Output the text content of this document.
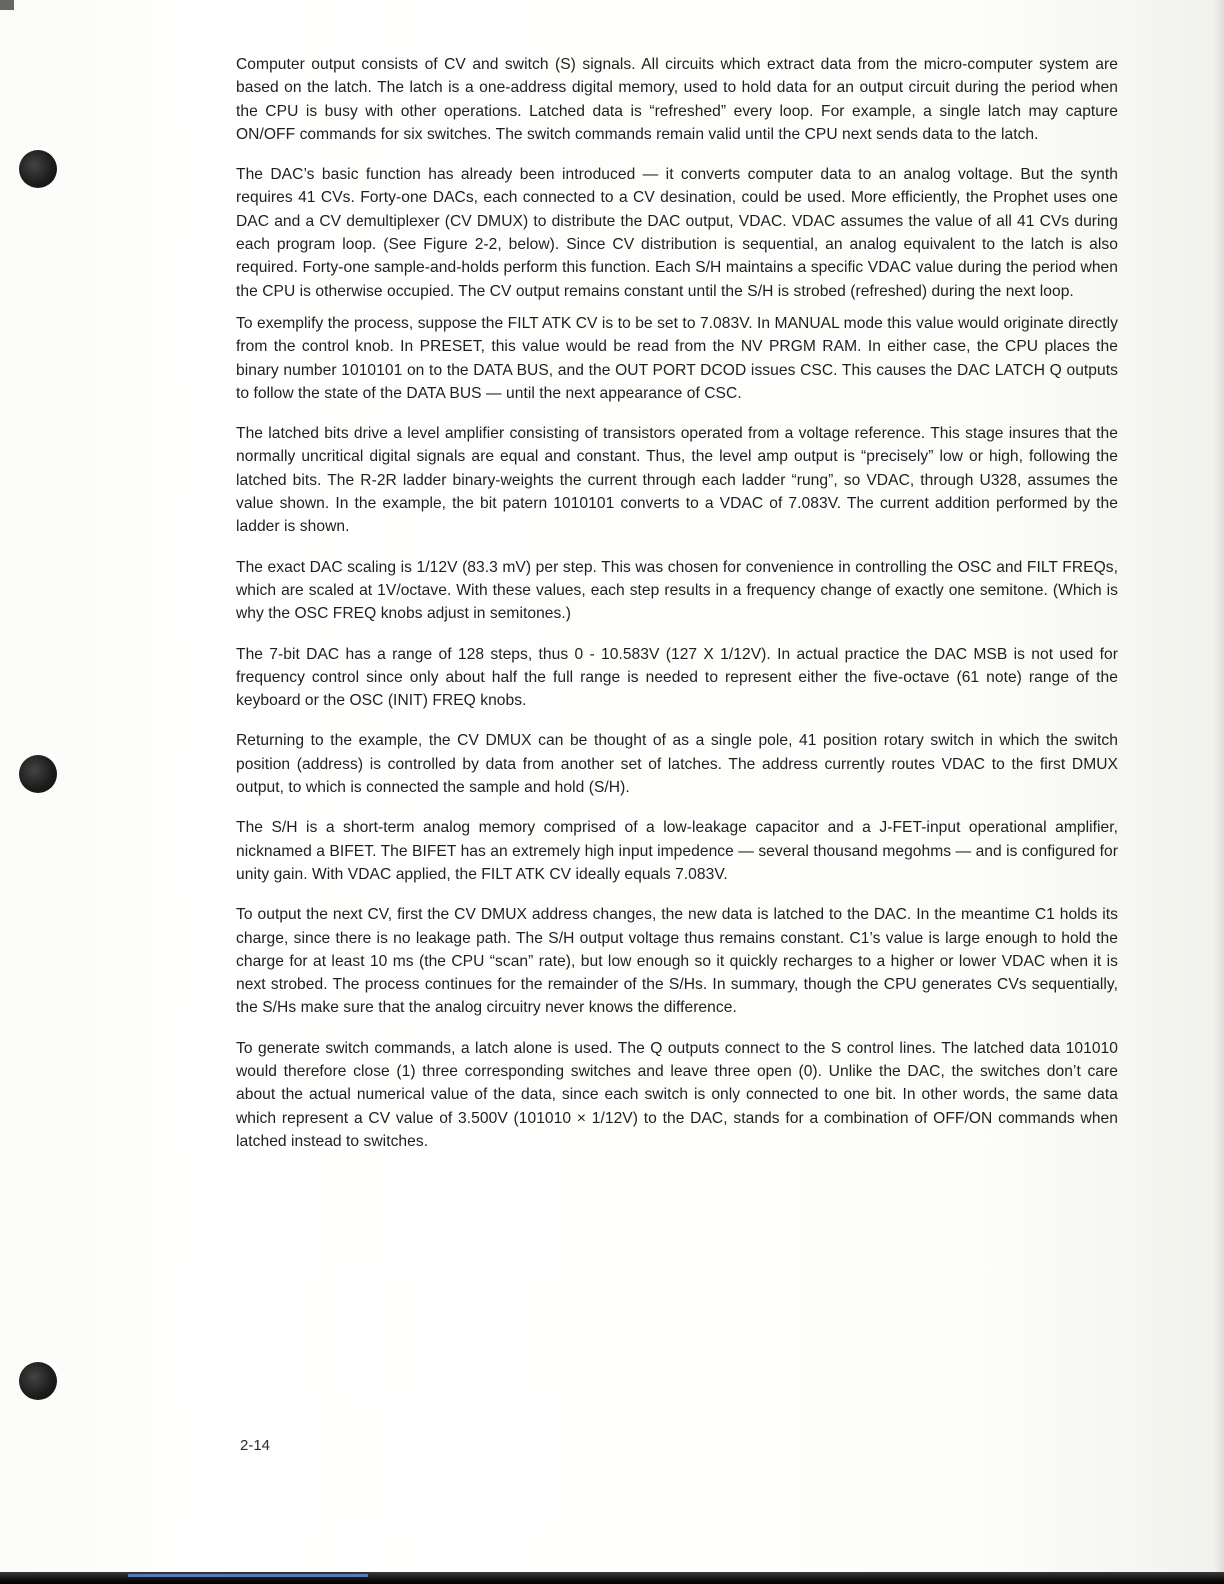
Computer output consists of CV and switch (S) signals. All circuits which extract data from the micro-computer system are based on the latch. The latch is a one-address digital memory, used to hold data for an output circuit during the period when the CPU is busy with other operations. Latched data is “refreshed” every loop. For example, a single latch may capture ON/OFF commands for six switches. The switch commands remain valid until the CPU next sends data to the latch.

The DAC’s basic function has already been introduced — it converts computer data to an analog voltage. But the synth requires 41 CVs. Forty-one DACs, each connected to a CV desination, could be used. More efficiently, the Prophet uses one DAC and a CV demultiplexer (CV DMUX) to distribute the DAC output, VDAC. VDAC assumes the value of all 41 CVs during each program loop. (See Figure 2-2, below). Since CV distribution is sequential, an analog equivalent to the latch is also required. Forty-one sample-and-holds perform this function. Each S/H maintains a specific VDAC value during the period when the CPU is otherwise occupied. The CV output remains constant until the S/H is strobed (refreshed) during the next loop.

To exemplify the process, suppose the FILT ATK CV is to be set to 7.083V. In MANUAL mode this value would originate directly from the control knob. In PRESET, this value would be read from the NV PRGM RAM. In either case, the CPU places the binary number 1010101 on to the DATA BUS, and the OUT PORT DCOD issues CSC. This causes the DAC LATCH Q outputs to follow the state of the DATA BUS — until the next appearance of CSC.

The latched bits drive a level amplifier consisting of transistors operated from a voltage reference. This stage insures that the normally uncritical digital signals are equal and constant. Thus, the level amp output is “precisely” low or high, following the latched bits. The R-2R ladder binary-weights the current through each ladder “rung”, so VDAC, through U328, assumes the value shown. In the example, the bit patern 1010101 converts to a VDAC of 7.083V. The current addition performed by the ladder is shown.

The exact DAC scaling is 1/12V (83.3 mV) per step. This was chosen for convenience in controlling the OSC and FILT FREQs, which are scaled at 1V/octave. With these values, each step results in a frequency change of exactly one semitone. (Which is why the OSC FREQ knobs adjust in semitones.)

The 7-bit DAC has a range of 128 steps, thus 0 - 10.583V (127 X 1/12V). In actual practice the DAC MSB is not used for frequency control since only about half the full range is needed to represent either the five-octave (61 note) range of the keyboard or the OSC (INIT) FREQ knobs.

Returning to the example, the CV DMUX can be thought of as a single pole, 41 position rotary switch in which the switch position (address) is controlled by data from another set of latches. The address currently routes VDAC to the first DMUX output, to which is connected the sample and hold (S/H).

The S/H is a short-term analog memory comprised of a low-leakage capacitor and a J-FET-input operational amplifier, nicknamed a BIFET. The BIFET has an extremely high input impedence — several thousand megohms — and is configured for unity gain. With VDAC applied, the FILT ATK CV ideally equals 7.083V.

To output the next CV, first the CV DMUX address changes, the new data is latched to the DAC. In the meantime C1 holds its charge, since there is no leakage path. The S/H output voltage thus remains constant. C1’s value is large enough to hold the charge for at least 10 ms (the CPU “scan” rate), but low enough so it quickly recharges to a higher or lower VDAC when it is next strobed. The process continues for the remainder of the S/Hs. In summary, though the CPU generates CVs sequentially, the S/Hs make sure that the analog circuitry never knows the difference.

To generate switch commands, a latch alone is used. The Q outputs connect to the S control lines. The latched data 101010 would therefore close (1) three corresponding switches and leave three open (0). Unlike the DAC, the switches don’t care about the actual numerical value of the data, since each switch is only connected to one bit. In other words, the same data which represent a CV value of 3.500V (101010 × 1/12V) to the DAC, stands for a combination of OFF/ON commands when latched instead to switches.

2-14
